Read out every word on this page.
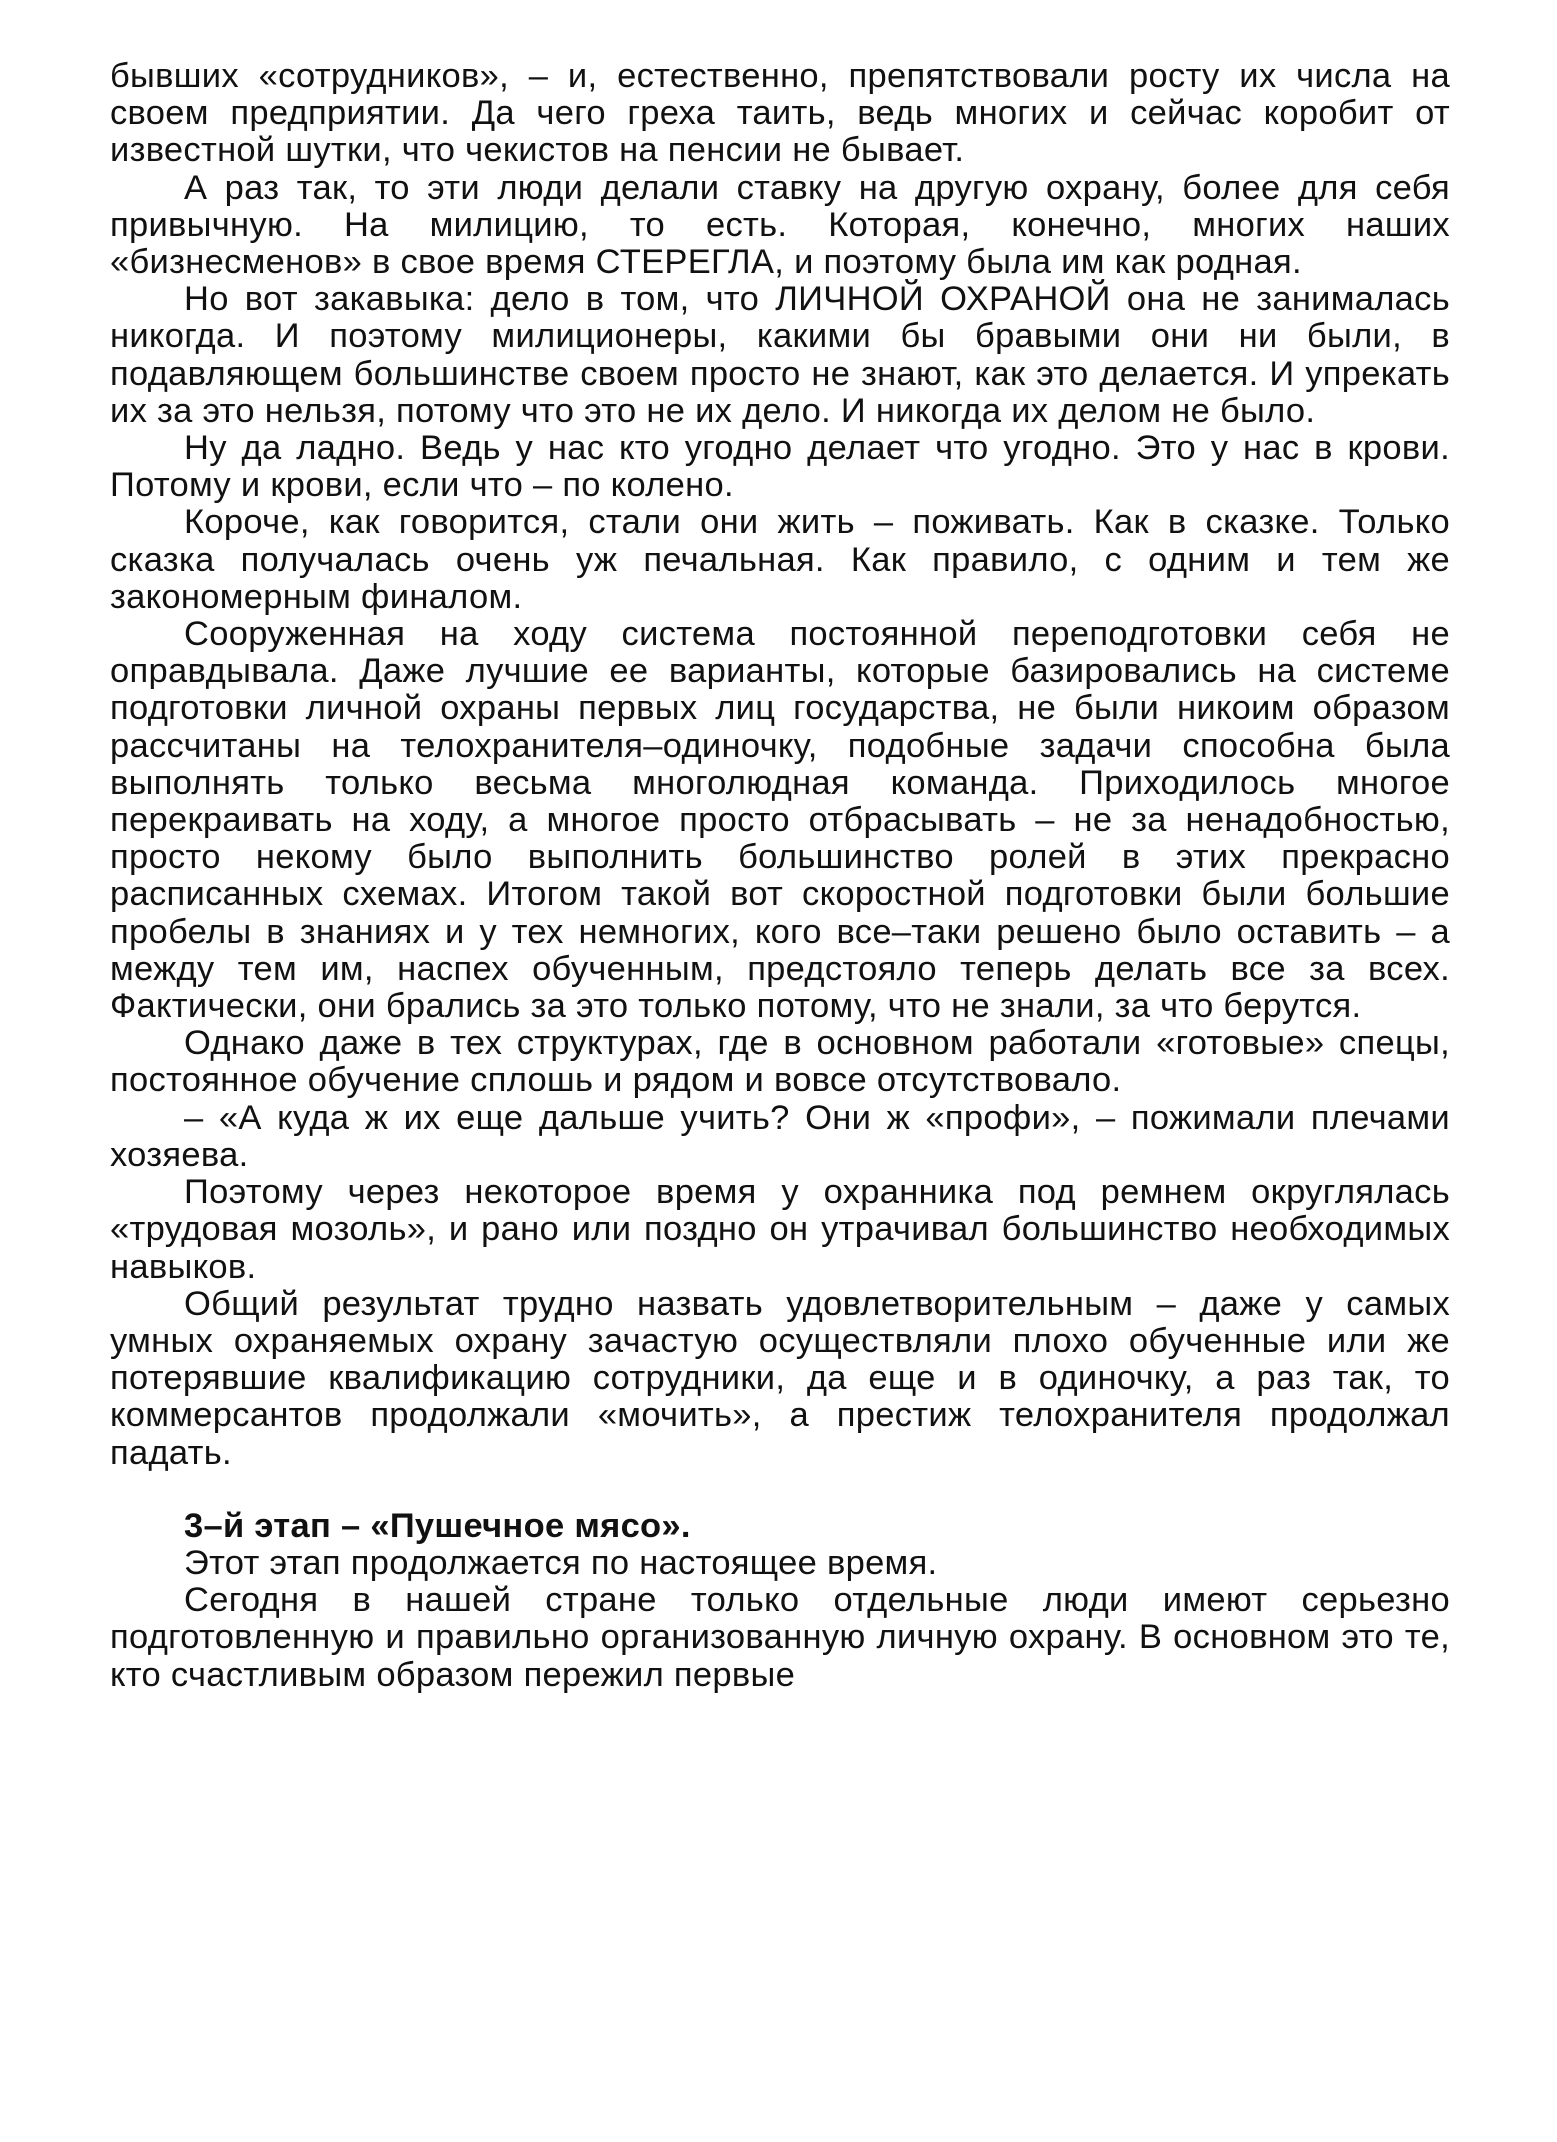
бывших «сотрудников», – и, естественно, препятствовали росту их числа на своем предприятии. Да чего греха таить, ведь многих и сейчас коробит от известной шутки, что чекистов на пенсии не бывает.

А раз так, то эти люди делали ставку на другую охрану, более для себя привычную. На милицию, то есть. Которая, конечно, многих наших «бизнесменов» в свое время СТЕРЕГЛА, и поэтому была им как родная.

Но вот закавыка: дело в том, что ЛИЧНОЙ ОХРАНОЙ она не занималась никогда. И поэтому милиционеры, какими бы бравыми они ни были, в подавляющем большинстве своем просто не знают, как это делается. И упрекать их за это нельзя, потому что это не их дело. И никогда их делом не было.

Ну да ладно. Ведь у нас кто угодно делает что угодно. Это у нас в крови. Потому и крови, если что – по колено.

Короче, как говорится, стали они жить – поживать. Как в сказке. Только сказка получалась очень уж печальная. Как правило, с одним и тем же закономерным финалом.

Сооруженная на ходу система постоянной переподготовки себя не оправдывала. Даже лучшие ее варианты, которые базировались на системе подготовки личной охраны первых лиц государства, не были никоим образом рассчитаны на телохранителя–одиночку, подобные задачи способна была выполнять только весьма многолюдная команда. Приходилось многое перекраивать на ходу, а многое просто отбрасывать – не за ненадобностью, просто некому было выполнить большинство ролей в этих прекрасно расписанных схемах. Итогом такой вот скоростной подготовки были большие пробелы в знаниях и у тех немногих, кого все–таки решено было оставить – а между тем им, наспех обученным, предстояло теперь делать все за всех. Фактически, они брались за это только потому, что не знали, за что берутся.

Однако даже в тех структурах, где в основном работали «готовые» спецы, постоянное обучение сплошь и рядом и вовсе отсутствовало.

– «А куда ж их еще дальше учить? Они ж «профи», – пожимали плечами хозяева.

Поэтому через некоторое время у охранника под ремнем округлялась «трудовая мозоль», и рано или поздно он утрачивал большинство необходимых навыков.

Общий результат трудно назвать удовлетворительным – даже у самых умных охраняемых охрану зачастую осуществляли плохо обученные или же потерявшие квалификацию сотрудники, да еще и в одиночку, а раз так, то коммерсантов продолжали «мочить», а престиж телохранителя продолжал падать.

3–й этап – «Пушечное мясо».

Этот этап продолжается по настоящее время.

Сегодня в нашей стране только отдельные люди имеют серьезно подготовленную и правильно организованную личную охрану. В основном это те, кто счастливым образом пережил первые
